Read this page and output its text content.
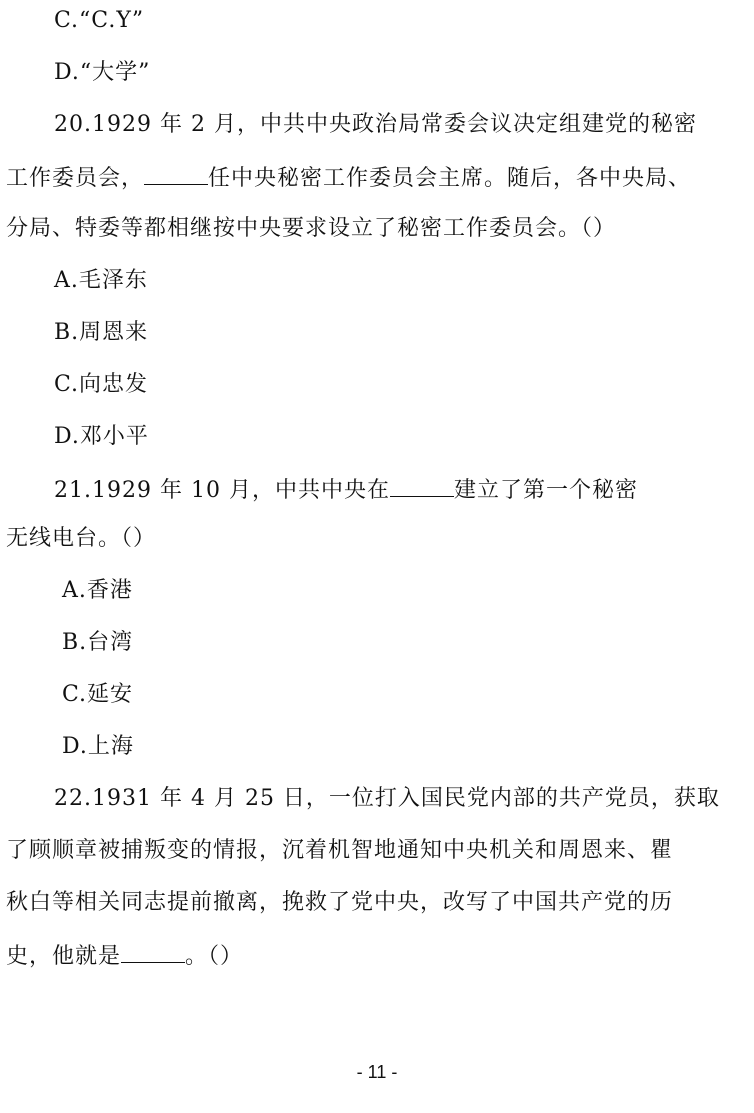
C.“C.Y”
D.“大学”
20.1929 年 2 月，中共中央政治局常委会议决定组建党的秘密
工作委员会，	任中央秘密工作委员会主席。随后，各中央局、
分局、特委等都相继按中央要求设立了秘密工作委员会。（）
A.毛泽东
B.周恩来
C.向忠发
D.邓小平
21.1929 年 10 月，中共中央在	建立了第一个秘密
无线电台。（）
A.香港
B.台湾
C.延安
D.上海
22.1931 年 4 月 25 日，一位打入国民党内部的共产党员，获取
了顾顺章被捕叛变的情报，沉着机智地通知中央机关和周恩来、瞿
秋白等相关同志提前撤离，挽救了党中央，改写了中国共产党的历
史，他就是	。（）
- 11 -
